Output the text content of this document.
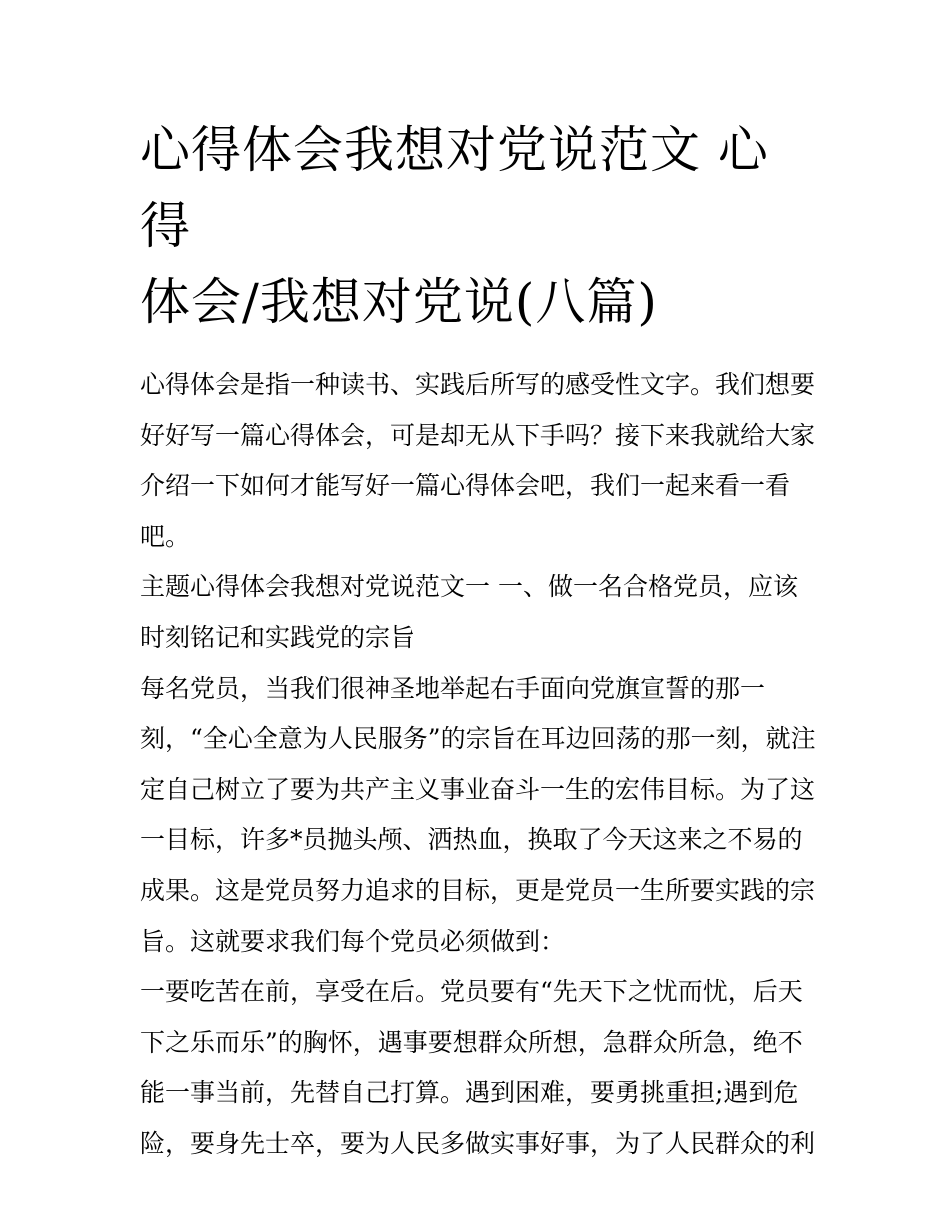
心得体会我想对党说范文 心得
体会/我想对党说(八篇)
心得体会是指一种读书、实践后所写的感受性文字。我们想要
好好写一篇心得体会，可是却无从下手吗？接下来我就给大家
介绍一下如何才能写好一篇心得体会吧，我们一起来看一看
吧。
主题心得体会我想对党说范文一 一、做一名合格党员，应该
时刻铭记和实践党的宗旨
每名党员，当我们很神圣地举起右手面向党旗宣誓的那一
刻，“全心全意为人民服务”的宗旨在耳边回荡的那一刻，就注
定自己树立了要为共产主义事业奋斗一生的宏伟目标。为了这
一目标，许多*员抛头颅、洒热血，换取了今天这来之不易的
成果。这是党员努力追求的目标，更是党员一生所要实践的宗
旨。这就要求我们每个党员必须做到：
一要吃苦在前，享受在后。党员要有“先天下之忧而忧，后天
下之乐而乐”的胸怀，遇事要想群众所想，急群众所急，绝不
能一事当前，先替自己打算。遇到困难，要勇挑重担;遇到危
险，要身先士卒，要为人民多做实事好事，为了人民群众的利
